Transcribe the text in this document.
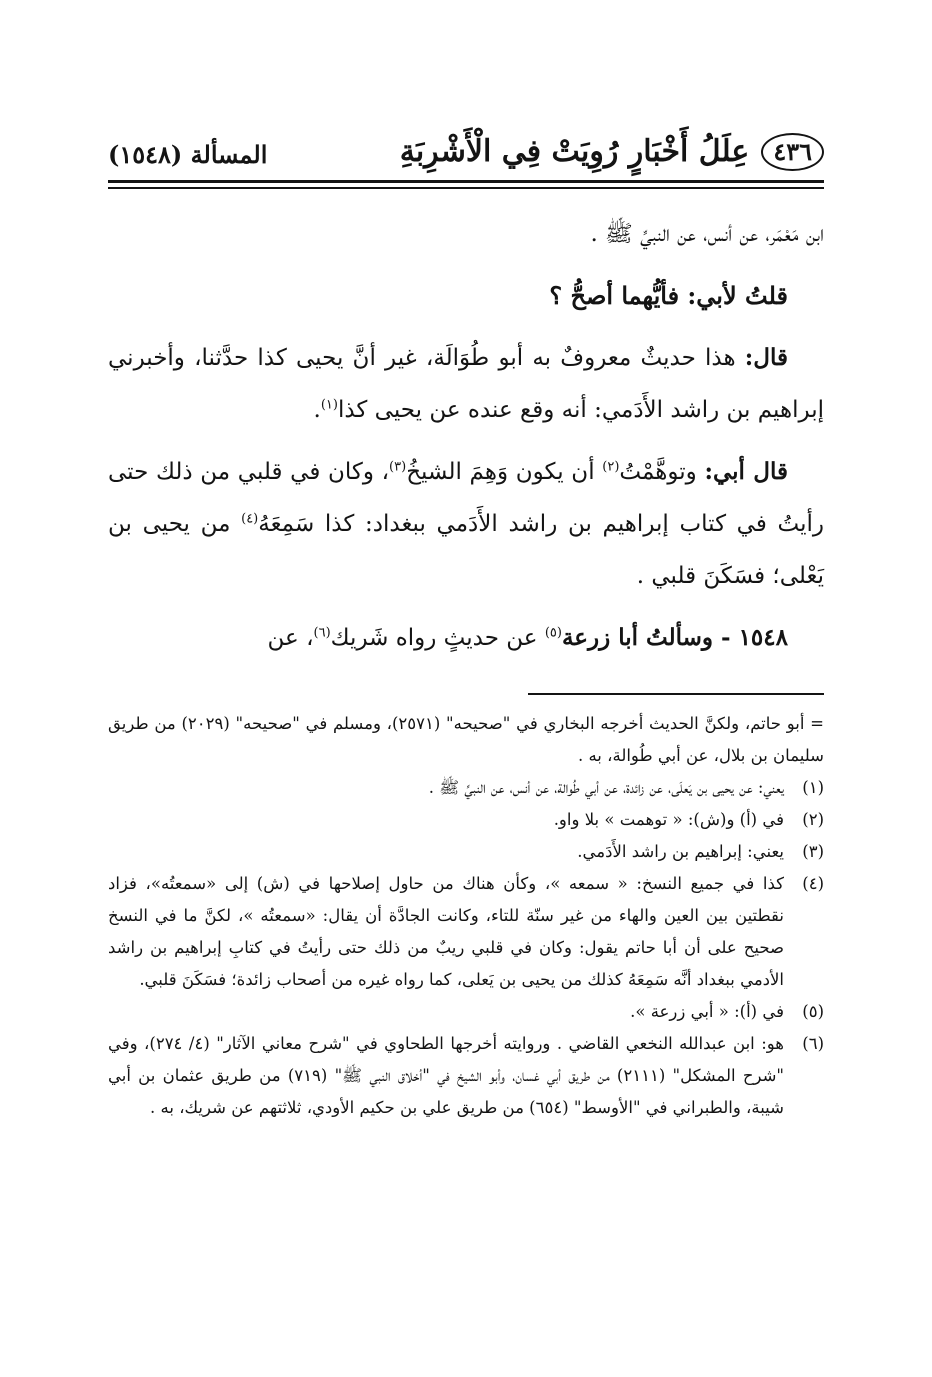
٤٣٦
عِلَلُ أَخْبَارٍ رُوِيَتْ فِي الْأَشْرِبَةِ
المسألة (١٥٤٨)

ابن مَعْمَر، عن أنس، عن النبيِّ ﷺ .

قلتُ لأبي: فأيُّهما أصحُّ ؟

قال: هذا حديثٌ معروفٌ به أبو طُوَالَة، غير أنَّ يحيى كذا حدَّثنا، وأخبرني إبراهيم بن راشد الأَدَمي: أنه وقع عنده عن يحيى كذا$^{(١)}$.

قال أبي: وتوهَّمْتُ$^{(٢)}$ أن يكون وَهِمَ الشيخُ$^{(٣)}$، وكان في قلبي من ذلك حتى رأيتُ في كتاب إبراهيم بن راشد الأَدَمي ببغداد: كذا سَمِعَهُ$^{(٤)}$ من يحيى بن يَعْلى؛ فسَكَنَ قلبي .

١٥٤٨ - وسألتُ أبا زرعة$^{(٥)}$ عن حديثٍ رواه شَريك$^{(٦)}$، عن

= أبو حاتم، ولكنَّ الحديث أخرجه البخاري في "صحيحه" (٢٥٧١)، ومسلم في "صحيحه" (٢٠٢٩) من طريق سليمان بن بلال، عن أبي طُوالة، به .

(١)
يعني: عن يحيى بن يَعلَى، عن زائدة، عن أبي طُوالة، عن أنس، عن النبيِّ ﷺ .
(٢)
في (أ) و(ش): « توهمت » بلا واو.
(٣)
يعني: إبراهيم بن راشد الأَدَمي.
(٤)
كذا في جميع النسخ: « سمعه »، وكأن هناك من حاول إصلاحها في (ش) إلى «سمعتُه»، فزاد نقطتين بين العين والهاء من غير سنّة للتاء، وكانت الجادَّة أن يقال: «سمعتُه »، لكنَّ ما في النسخ صحيح على أن أبا حاتم يقول: وكان في قلبي ريبٌ من ذلك حتى رأيتُ في كتابِ إبراهيم بن راشد الأدمي ببغداد أنَّه سَمِعَهُ كذلك من يحيى بن يَعلى، كما رواه غيره من أصحاب زائدة؛ فسَكَنَ قلبي.
(٥)
في (أ): « أبي زرعة ».
(٦)
هو: ابن عبدالله النخعي القاضي . وروايته أخرجها الطحاوي في "شرح معاني الآثار" (٤/ ٢٧٤)، وفي "شرح المشكل" (٢١١١) من طريق أبي غسان، وأبو الشيخ في "أخلاق النبي ﷺ" (٧١٩) من طريق عثمان بن أبي شيبة، والطبراني في "الأوسط" (٦٥٤) من طريق علي بن حكيم الأودي، ثلاثتهم عن شريك، به .
